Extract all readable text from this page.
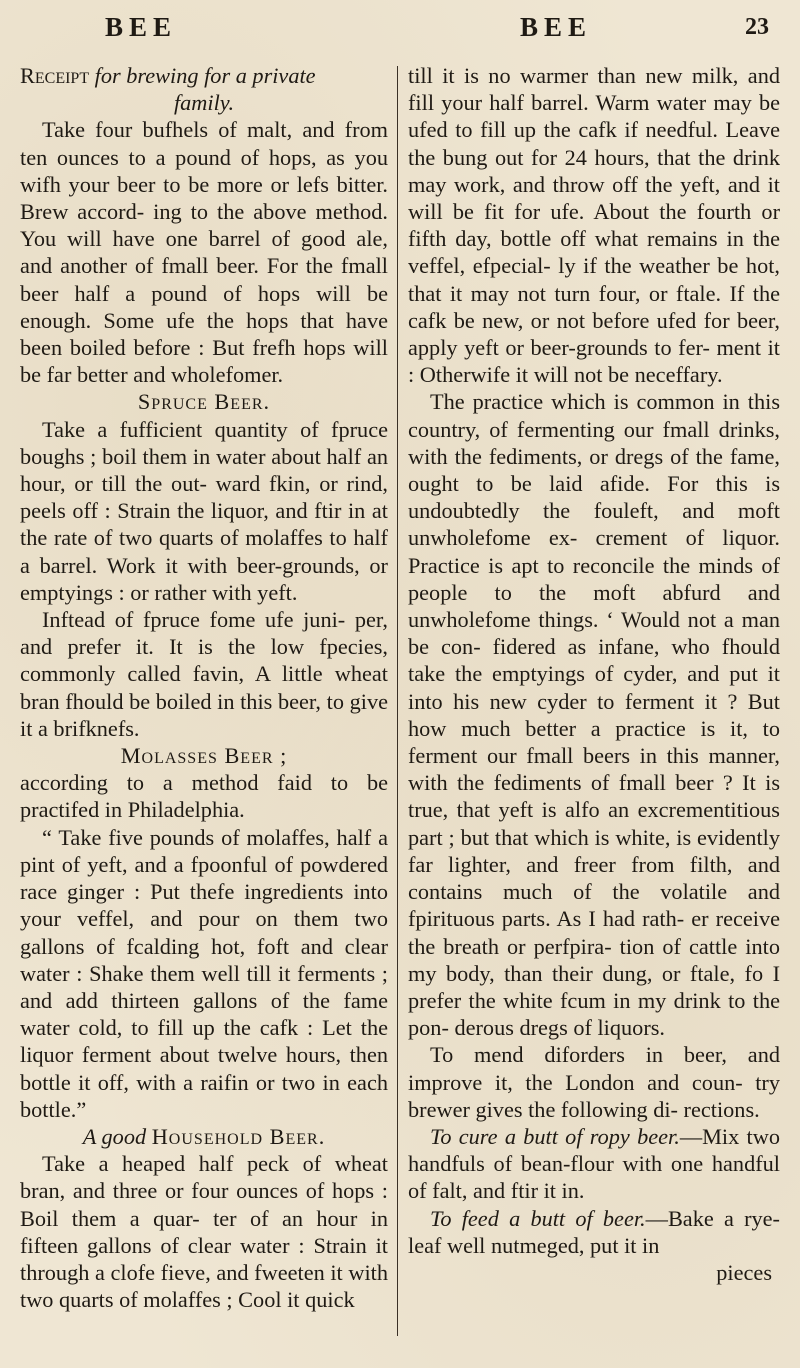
BEE	BEE	23

Receipt for brewing for a private

family.

Take four bufhels of malt, and from ten ounces to a pound of hops, as you wifh your beer to be more or lefs bitter. Brew accord- ing to the above method. You will have one barrel of good ale, and another of fmall beer. For the fmall beer half a pound of hops will be enough. Some ufe the hops that have been boiled before : But frefh hops will be far better and wholefomer.

Spruce Beer.

Take a fufficient quantity of fpruce boughs ; boil them in water about half an hour, or till the out- ward fkin, or rind, peels off : Strain the liquor, and ftir in at the rate of two quarts of molaffes to half a barrel. Work it with beer-grounds, or emptyings : or rather with yeft.

Inftead of fpruce fome ufe juni- per, and prefer it. It is the low fpecies, commonly called favin, A little wheat bran fhould be boiled in this beer, to give it a brifknefs.

Molasses Beer ;

according to a method faid to be practifed in Philadelphia.

“ Take five pounds of molaffes, half a pint of yeft, and a fpoonful of powdered race ginger : Put thefe ingredients into your veffel, and pour on them two gallons of fcalding hot, foft and clear water : Shake them well till it ferments ; and add thirteen gallons of the fame water cold, to fill up the cafk : Let the liquor ferment about twelve hours, then bottle it off, with a raifin or two in each bottle.”

A good Household Beer.

Take a heaped half peck of wheat bran, and three or four ounces of hops : Boil them a quar- ter of an hour in fifteen gallons of clear water : Strain it through a clofe fieve, and fweeten it with two quarts of molaffes ; Cool it quick

till it is no warmer than new milk, and fill your half barrel. Warm water may be ufed to fill up the cafk if needful. Leave the bung out for 24 hours, that the drink may work, and throw off the yeft, and it will be fit for ufe. About the fourth or fifth day, bottle off what remains in the veffel, efpecial- ly if the weather be hot, that it may not turn four, or ftale. If the cafk be new, or not before ufed for beer, apply yeft or beer-grounds to fer- ment it : Otherwife it will not be neceffary.

The practice which is common in this country, of fermenting our fmall drinks, with the fediments, or dregs of the fame, ought to be laid afide. For this is undoubtedly the fouleft, and moft unwholefome ex- crement of liquor. Practice is apt to reconcile the minds of people to the moft abfurd and unwholefome things. ‘ Would not a man be con- fidered as infane, who fhould take the emptyings of cyder, and put it into his new cyder to ferment it ? But how much better a practice is it, to ferment our fmall beers in this manner, with the fediments of fmall beer ? It is true, that yeft is alfo an excrementitious part ; but that which is white, is evidently far lighter, and freer from filth, and contains much of the volatile and fpirituous parts. As I had rath- er receive the breath or perfpira- tion of cattle into my body, than their dung, or ftale, fo I prefer the white fcum in my drink to the pon- derous dregs of liquors.

To mend diforders in beer, and improve it, the London and coun- try brewer gives the following di- rections.

To cure a butt of ropy beer.—Mix two handfuls of bean-flour with one handful of falt, and ftir it in.

To feed a butt of beer.—Bake a rye-leaf well nutmeged, put it in

pieces
